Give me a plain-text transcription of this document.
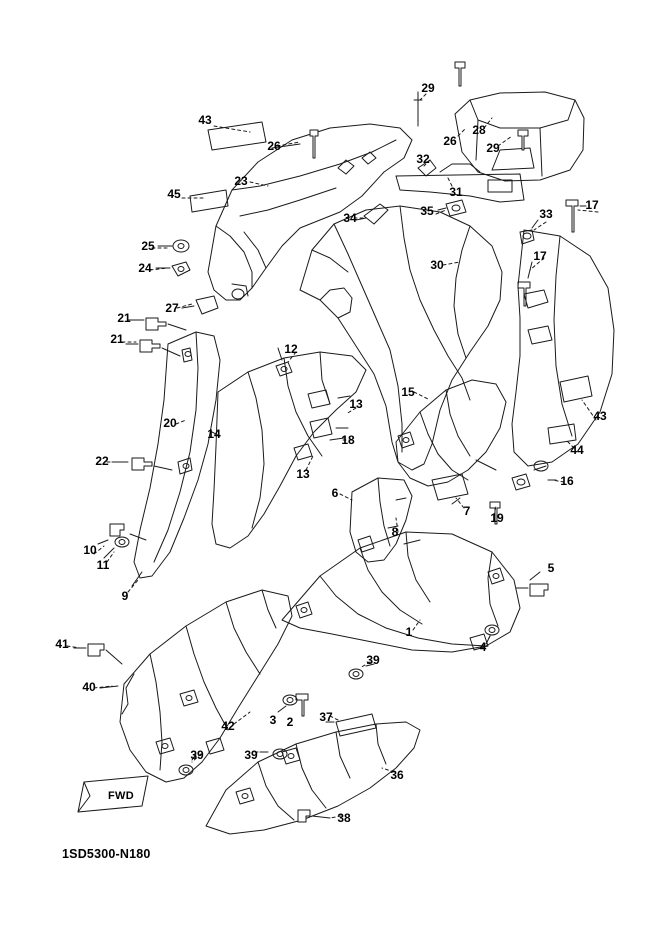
29
28
26 29
43
26
32
31
23
45
17
33
35
34
25
24
17
30
27
21
21
12
13
15
43
20
14	18
44
13
22
16
19
6
7
8
10
11
9
5
1
4
41
39
40
3 2 37
42
39	39
36
38
1SD5300-N180
FWD
